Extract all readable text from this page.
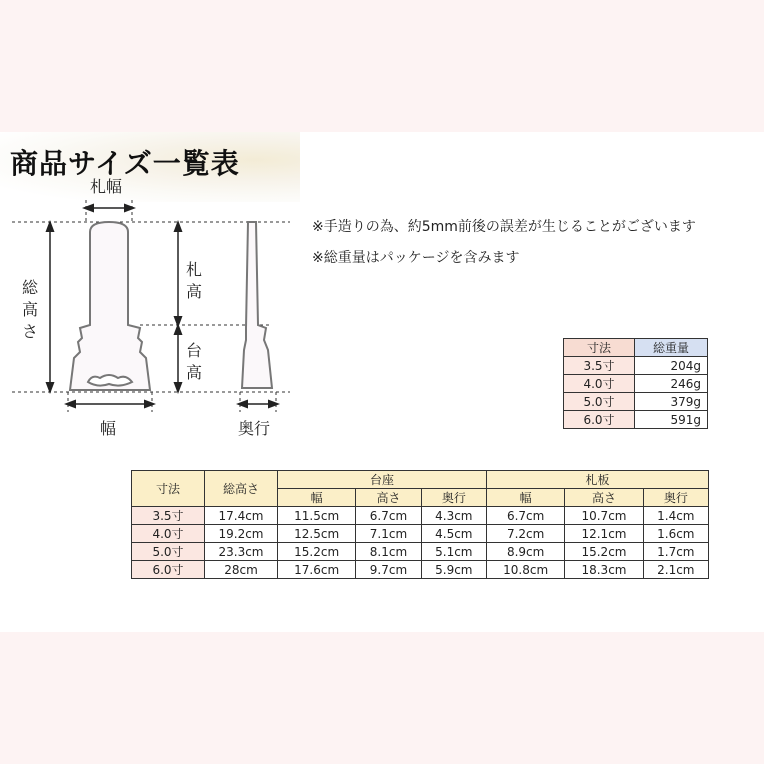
商品サイズ一覧表
※手造りの為、約5mm前後の誤差が生じることがございます
※総重量はパッケージを含みます
札幅
総
高
さ
札
高
台
高
幅	奥行
寸法	総重量
3.5寸	204g
4.0寸	246g
5.0寸	379g
6.0寸	591g
寸法	総高さ	台座			札板		
		幅	高さ	奥行	幅	高さ	奥行
3.5寸	17.4cm	11.5cm	6.7cm	4.3cm	6.7cm	10.7cm	1.4cm
4.0寸	19.2cm	12.5cm	7.1cm	4.5cm	7.2cm	12.1cm	1.6cm
5.0寸	23.3cm	15.2cm	8.1cm	5.1cm	8.9cm	15.2cm	1.7cm
6.0寸	28cm	17.6cm	9.7cm	5.9cm	10.8cm	18.3cm	2.1cm
